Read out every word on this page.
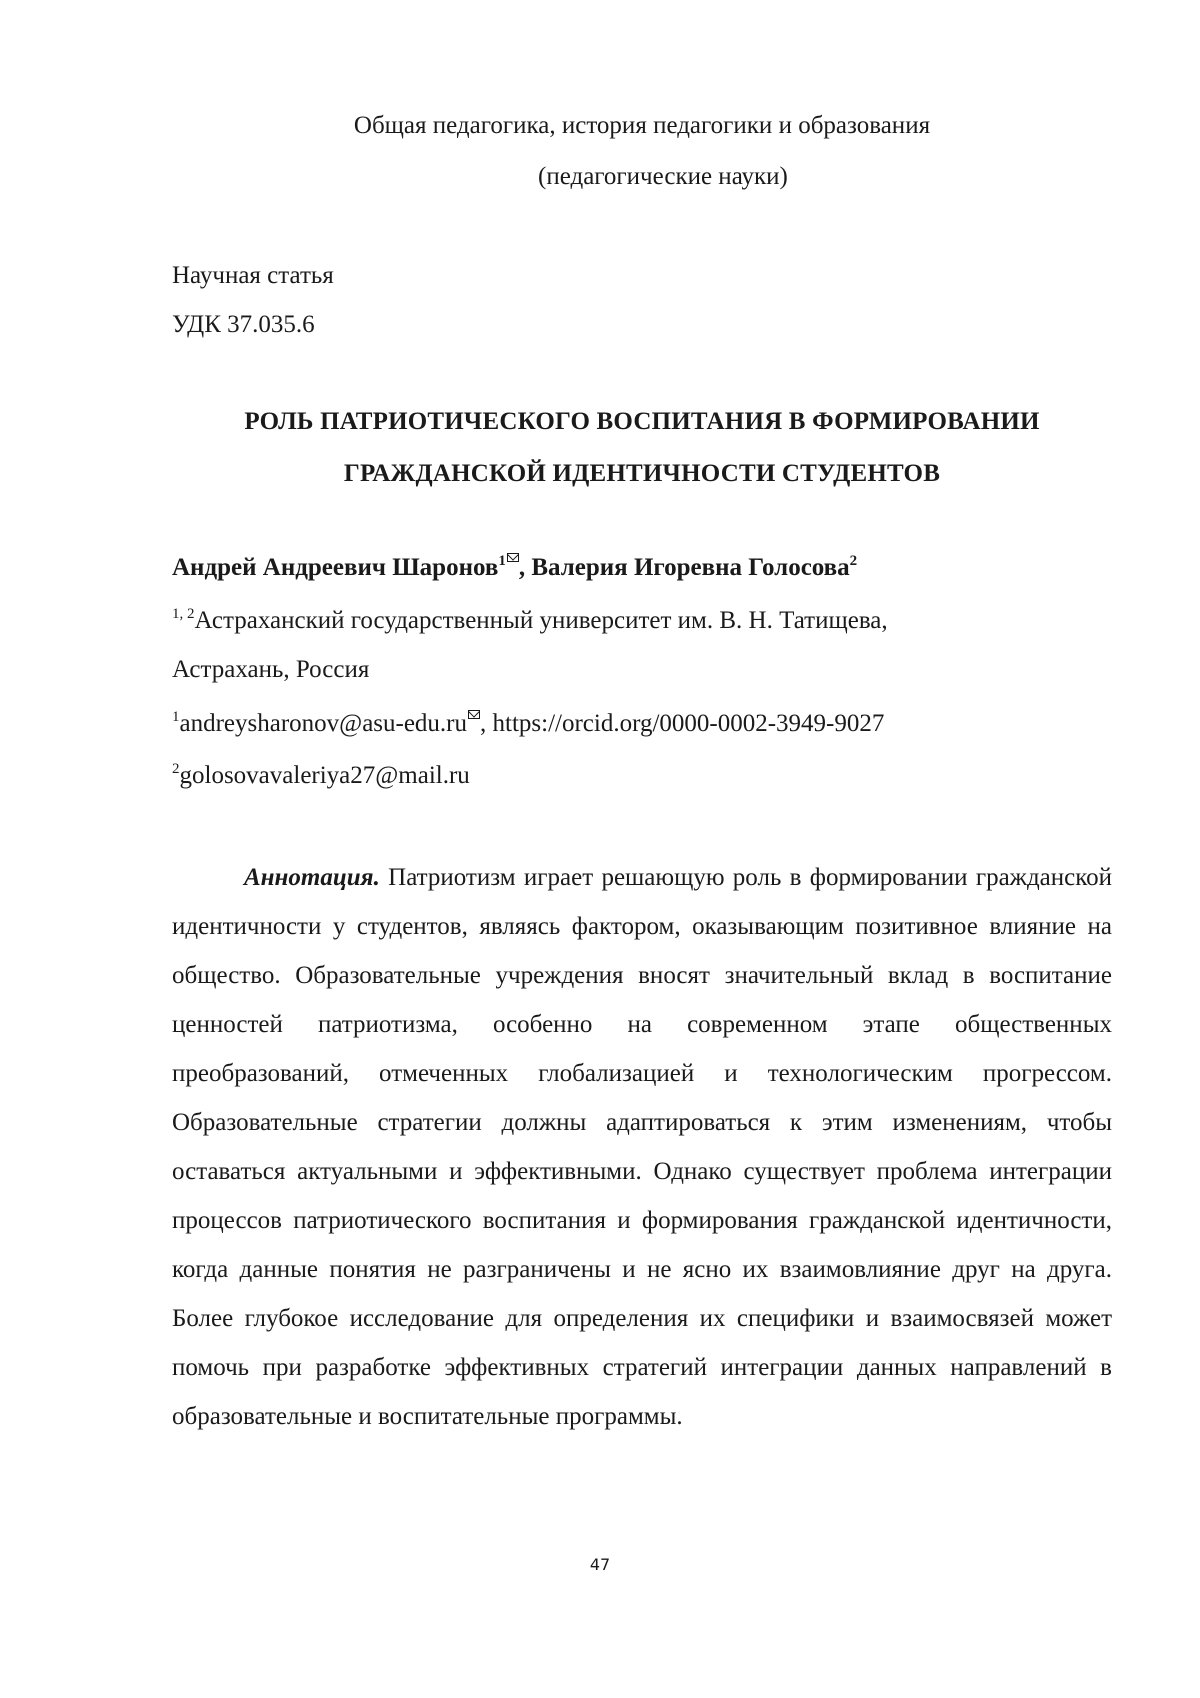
Общая педагогика, история педагогики и образования
(педагогические науки)
Научная статья
УДК 37.035.6
РОЛЬ ПАТРИОТИЧЕСКОГО ВОСПИТАНИЯ В ФОРМИРОВАНИИ
ГРАЖДАНСКОЙ ИДЕНТИЧНОСТИ СТУДЕНТОВ
Андрей Андреевич Шаронов$^1$ , Валерия Игоревна Голосова$^2$
$^{1, 2}$Астраханский государственный университет им. В. Н. Татищева,
Астрахань, Россия
$^1$andreysharonov@asu-edu.ru , https://orcid.org/0000-0002-3949-9027
$^2$golosovavaleriya27@mail.ru
Аннотация. Патриотизм играет решающую роль в формировании гражданской идентичности у студентов, являясь фактором, оказывающим позитивное влияние на общество. Образовательные учреждения вносят значительный вклад в воспитание ценностей патриотизма, особенно на современном этапе общественных преобразований, отмеченных глобализацией и технологическим прогрессом. Образовательные стратегии должны адаптироваться к этим изменениям, чтобы оставаться актуальными и эффективными. Однако существует проблема интеграции процессов патриотического воспитания и формирования гражданской идентичности, когда данные понятия не разграничены и не ясно их взаимовлияние друг на друга. Более глубокое исследование для определения их специфики и взаимосвязей может помочь при разработке эффективных стратегий интеграции данных направлений в образовательные и воспитательные программы.
47
